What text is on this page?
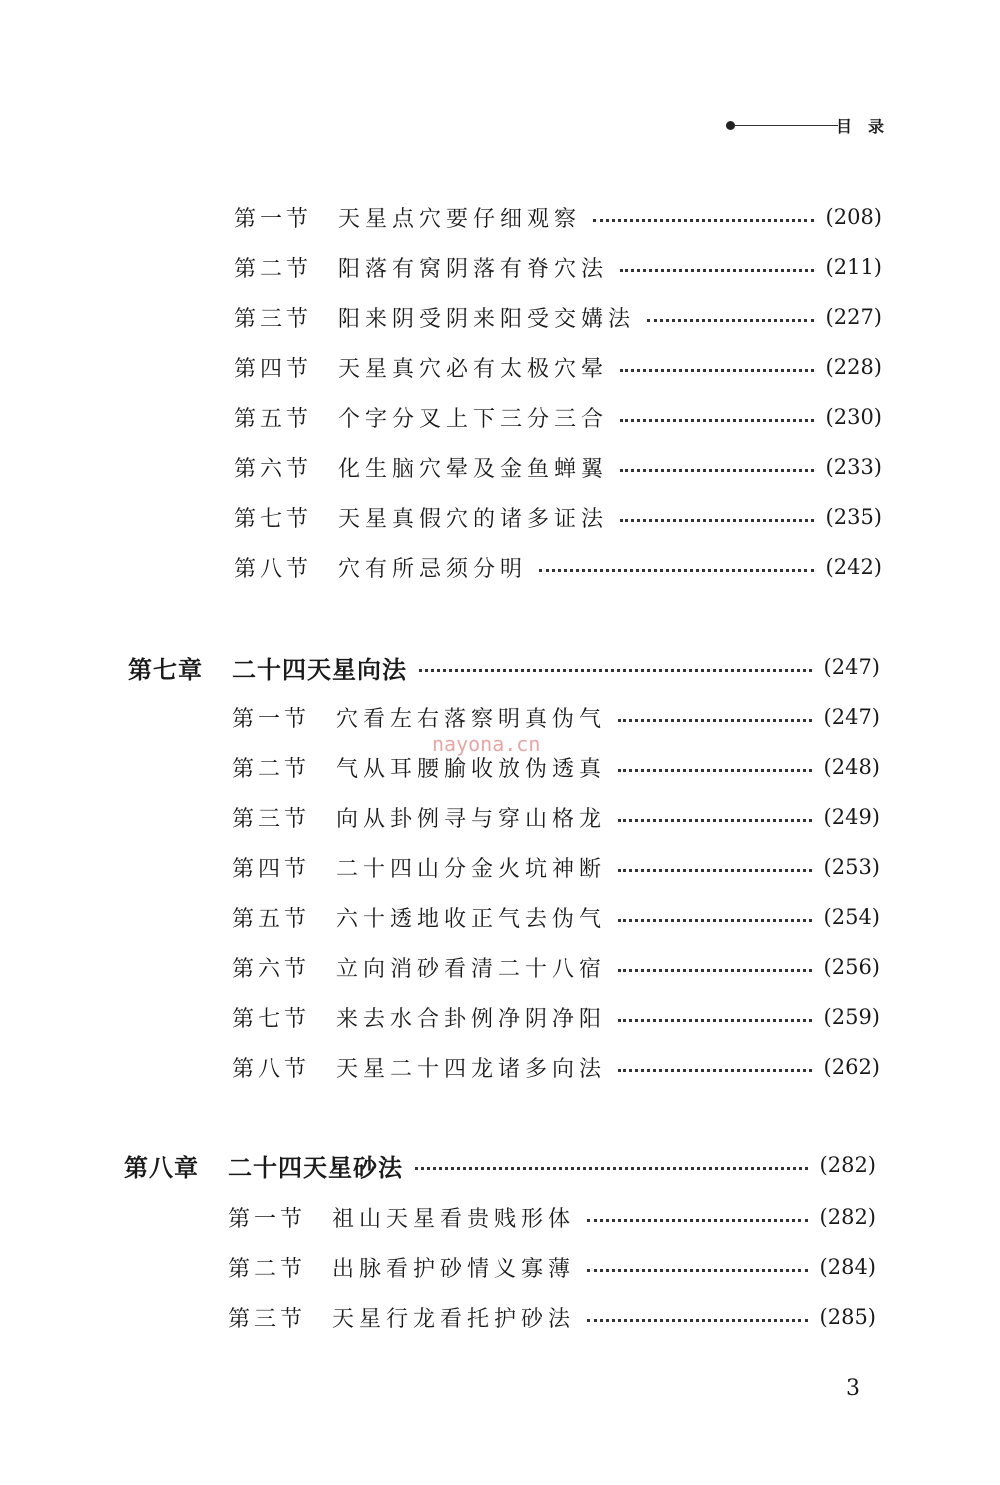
目录
第一节	天星点穴要仔细观察	(208)
第二节	阳落有窝阴落有脊穴法	(211)
第三节	阳来阴受阴来阳受交媾法	(227)
第四节	天星真穴必有太极穴晕	(228)
第五节	个字分叉上下三分三合	(230)
第六节	化生脑穴晕及金鱼蝉翼	(233)
第七节	天星真假穴的诸多证法	(235)
第八节	穴有所忌须分明	(242)
第七章	二十四天星向法	(247)
第一节	穴看左右落察明真伪气	(247)
第二节	气从耳腰腧收放伪透真	(248)
第三节	向从卦例寻与穿山格龙	(249)
第四节	二十四山分金火坑神断	(253)
第五节	六十透地收正气去伪气	(254)
第六节	立向消砂看清二十八宿	(256)
第七节	来去水合卦例净阴净阳	(259)
第八节	天星二十四龙诸多向法	(262)
第八章	二十四天星砂法	(282)
第一节	祖山天星看贵贱形体	(282)
第二节	出脉看护砂情义寡薄	(284)
第三节	天星行龙看托护砂法	(285)
nayona.cn
3
